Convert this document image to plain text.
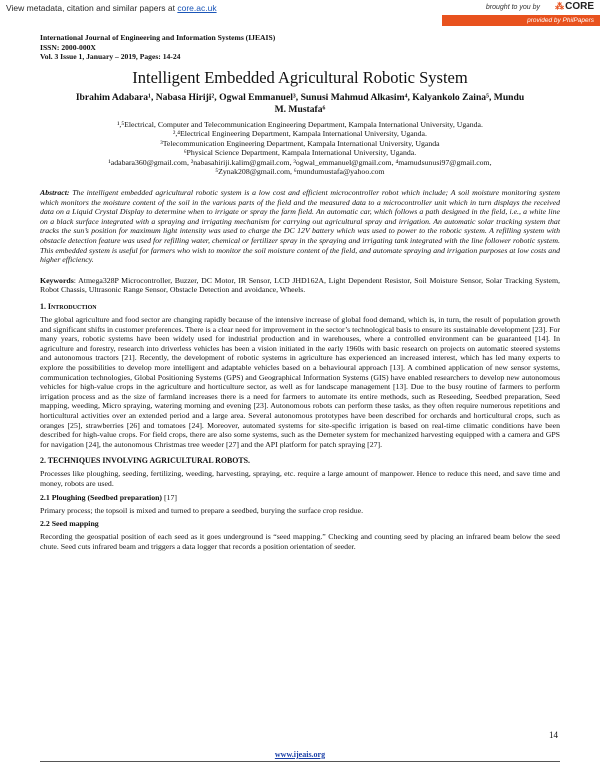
View metadata, citation and similar papers at core.ac.uk	brought to you by ⁂CORE
provided by PhilPapers
International Journal of Engineering and Information Systems (IJEAIS)
ISSN: 2000-000X
Vol. 3 Issue 1, January – 2019, Pages: 14-24
Intelligent Embedded Agricultural Robotic System
Ibrahim Adabara¹, Nabasa Hiriji², Ogwal Emmanuel³, Sunusi Mahmud Alkasim⁴, Kalyankolo Zaina⁵, Mundu
M. Mustafa⁶
¹,⁵Electrical, Computer and Telecommunication Engineering Department, Kampala International University, Uganda.
²,⁴Electrical Engineering Department, Kampala International University, Uganda.
³Telecommunication Engineering Department, Kampala International University, Uganda
⁶Physical Science Department, Kampala International University, Uganda.
¹adabara360@gmail.com, ²nabasahiriji.kalim@gmail.com, ³ogwal_emmanuel@gmail.com, ⁴mamudsunusi97@gmail.com,
⁵Zynak208@gmail.com, ⁶mundumustafa@yahoo.com
Abstract: The intelligent embedded agricultural robotic system is a low cost and efficient microcontroller robot which include; A soil moisture monitoring system which monitors the moisture content of the soil in the various parts of the field and the measured data to a microcontroller unit which in turn displays the received data on a Liquid Crystal Display to determine when to irrigate or spray the farm field. An automatic car, which follows a path designed in the field, i.e., a white line on a black surface integrated with a spraying and irrigating mechanism for carrying out agricultural spray and irrigation. An automatic solar tracking system that tracks the sun’s position for maximum light intensity was used to charge the DC 12V battery which was used to power to the robotic system. A refilling system with obstacle detection feature was used for refilling water, chemical or fertilizer spray in the spraying and irrigating tank integrated with the line follower robotic system. This embedded system is useful for farmers who wish to monitor the soil moisture content of the field, and automate spraying and irrigation purposes at low costs and higher efficiency.
Keywords: Atmega328P Microcontroller, Buzzer, DC Motor, IR Sensor, LCD JHD162A, Light Dependent Resistor, Soil Moisture Sensor, Solar Tracking System, Robot Chassis, Ultrasonic Range Sensor, Obstacle Detection and avoidance, Wheels.
1. Introduction

The global agriculture and food sector are changing rapidly because of the intensive increase of global food demand, which is, in turn, the result of population growth and significant shifts in customer preferences. There is a clear need for improvement in the sector’s technological basis to ensure its sustainable development [23]. For many years, robotic systems have been widely used for industrial production and in warehouses, where a controlled environment can be guaranteed [14]. In agriculture and forestry, research into driverless vehicles has been a vision initiated in the early 1960s with basic research on projects on automatic steered systems and autonomous tractors [21]. Recently, the development of robotic systems in agriculture has experienced an increased interest, which has led many experts to explore the possibilities to develop more intelligent and adaptable vehicles based on a behavioural approach [13]. A combined application of new sensor systems, communication technologies, Global Positioning Systems (GPS) and Geographical Information Systems (GIS) have enabled researchers to develop new autonomous vehicles for high-value crops in the agriculture and horticulture sector, as well as for landscape management [13]. Due to the busy routine of farmers to perform irrigation process and as the size of farmland increases there is a need for farmers to automate its entire methods, such as Reseeding, Seedbed preparation, Seed mapping, weeding, Micro spraying, watering morning and evening [23]. Autonomous robots can perform these tasks, as they often require numerous repetitions and horticultural activities over an extended period and a large area. Several autonomous prototypes have been described for orchards and horticultural crops, such as oranges [25], strawberries [26] and tomatoes [24]. Moreover, automated systems for site-specific irrigation is based on real-time climatic conditions have been described for high-value crops. For field crops, there are also some systems, such as the Demeter system for mechanized harvesting equipped with a camera and GPS for navigation [24], the autonomous Christmas tree weeder [27] and the API platform for patch spraying [27].

2. TECHNIQUES INVOLVING AGRICULTURAL ROBOTS.

Processes like ploughing, seeding, fertilizing, weeding, harvesting, spraying, etc. require a large amount of manpower. Hence to reduce this need, and save time and money, robots are used.

2.1 Ploughing (Seedbed preparation) [17]

Primary process; the topsoil is mixed and turned to prepare a seedbed, burying the surface crop residue.

2.2 Seed mapping

Recording the geospatial position of each seed as it goes underground is “seed mapping.” Checking and counting seed by placing an infrared beam below the seed chute. Seed cuts infrared beam and triggers a data logger that records a position orientation of seeder.

14
www.ijeais.org
